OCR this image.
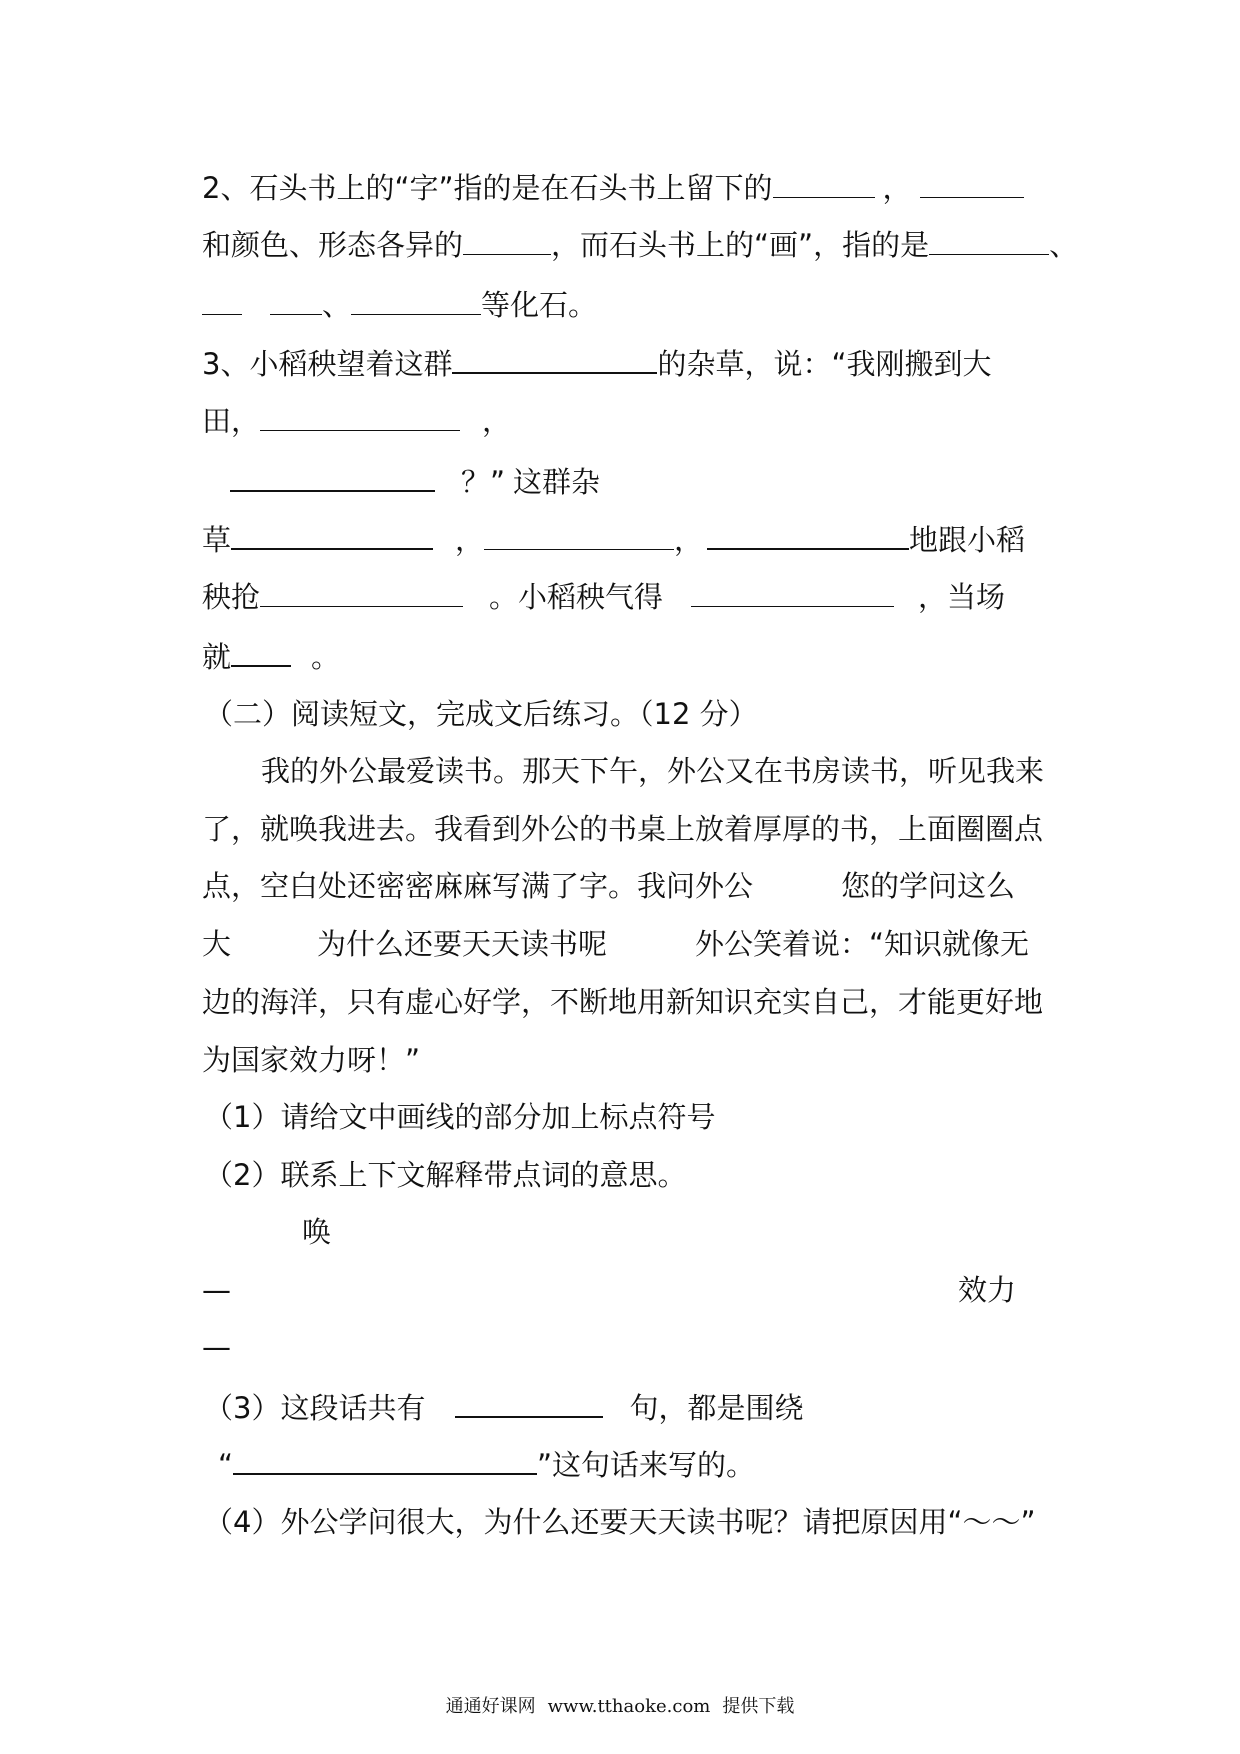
2、石头书上的“字”指的是在石头书上留下的	，
和颜色、形态各异的	，而石头书上的“画”，指的是	、
、	等化石。
3、小稻秧望着这群	的杂草，说：“我刚搬到大
田，	，
？” 这群杂
草	，	，	地跟小稻
秧抢	。小稻秧气得	，当场
就	。
（二）阅读短文，完成文后练习。（12 分）
我的外公最爱读书。那天下午，外公又在书房读书，听见我来
了，就唤我进去。我看到外公的书桌上放着厚厚的书，上面圈圈点
点，空白处还密密麻麻写满了字。我问外公	您的学问这么
大	为什么还要天天读书呢	外公笑着说：“知识就像无
边的海洋，只有虚心好学，不断地用新知识充实自己，才能更好地
为国家效力呀！”
（1）请给文中画线的部分加上标点符号
（2）联系上下文解释带点词的意思。
唤
—	效力
—
（3）这段话共有	句，都是围绕
“	”这句话来写的。
（4）外公学问很大，为什么还要天天读书呢？请把原因用“～～”
通通好课网 www.tthaoke.com 提供下载
